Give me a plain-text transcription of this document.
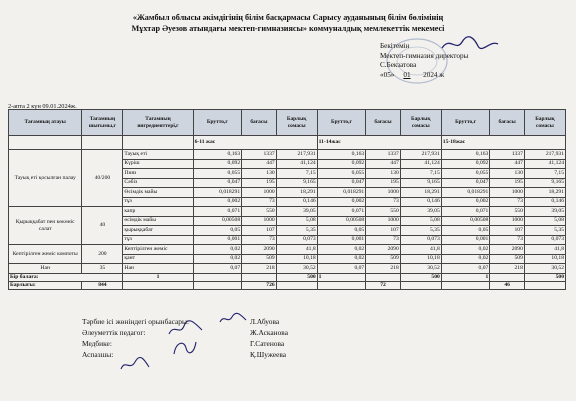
«Жамбыл облысы әкімдігінің білім басқармасы Сарысу ауданының білім бөлімінің
Мұхтар Әуезов атындағы мектеп-гимназиясы» коммуналдық мемлекеттік мекемесі
Бекітемін
Мектеп-гимназия директоры
С.Бекзатова
«05» 01 2024 ж
2-апта 2 күн 09.01.2024ж.
Тағамның атауы	Тағамның шығымы,г	Тағамның ингредиенттері,г	Брутто,г	бағасы	Барлық сомасы	Брутто,г	бағасы	Барлық сомасы	Брутто,г	бағасы	Барлық сомасы
			6-11 жас			11-14жас			15-18жас		
Тауық еті қосылған палау	40/200	Тауық еті	0,163	1337	217,931	0,163	1337	217,931	0,163	1337	217,931
		Күріш	0,092	447	41,124	0,092	447	41,124	0,092	447	41,124
		Пияз	0,055	130	7,15	0,055	130	7,15	0,055	130	7,15
		Сәбіз	0,047	195	9,165	0,047	195	9,165	0,047	195	9,165
		Өсімдік майы	0,018291	1000	18,291	0,018291	1000	18,291	0,018291	1000	18,291
		тұз	0,002	73	0,146	0,002	73	0,146	0,002	73	0,146
Қырыққабат пен көкөніс салат	40	капр	0,071	550	39,05	0,071	550	39,05	0,071	550	39,05
		өсімдік майы	0,00508	1000	5,08	0,00508	1000	5,08	0,00508	1000	5,08
		қырыққабат	0,05	107	5,35	0,05	107	5,35	0,05	107	5,35
		тұз	0,001	73	0,073	0,001	73	0,073	0,001	73	0,073
Кептірілген жеміс компоты	200	Кептірілген жеміс	0,02	2090	41,8	0,02	2090	41,8	0,02	2090	41,8
		қант	0,02	509	10,18	0,02	509	10,18	0,02	509	10,18
Нан	35	Нан	0,07	218	30,52	0,07	218	30,52	0,07	218	30,52
Бір балаға:		1			500	1		500	1		500
Барлығы:	844			726			72			46	
Тәрбие ісі жөніндегі орынбасары:	Л.Абуова
Әлеуметтік педагог:	Ж.Асканова
Медбике:	Г.Сатенова
Аспазшы:	Қ.Шужеева
